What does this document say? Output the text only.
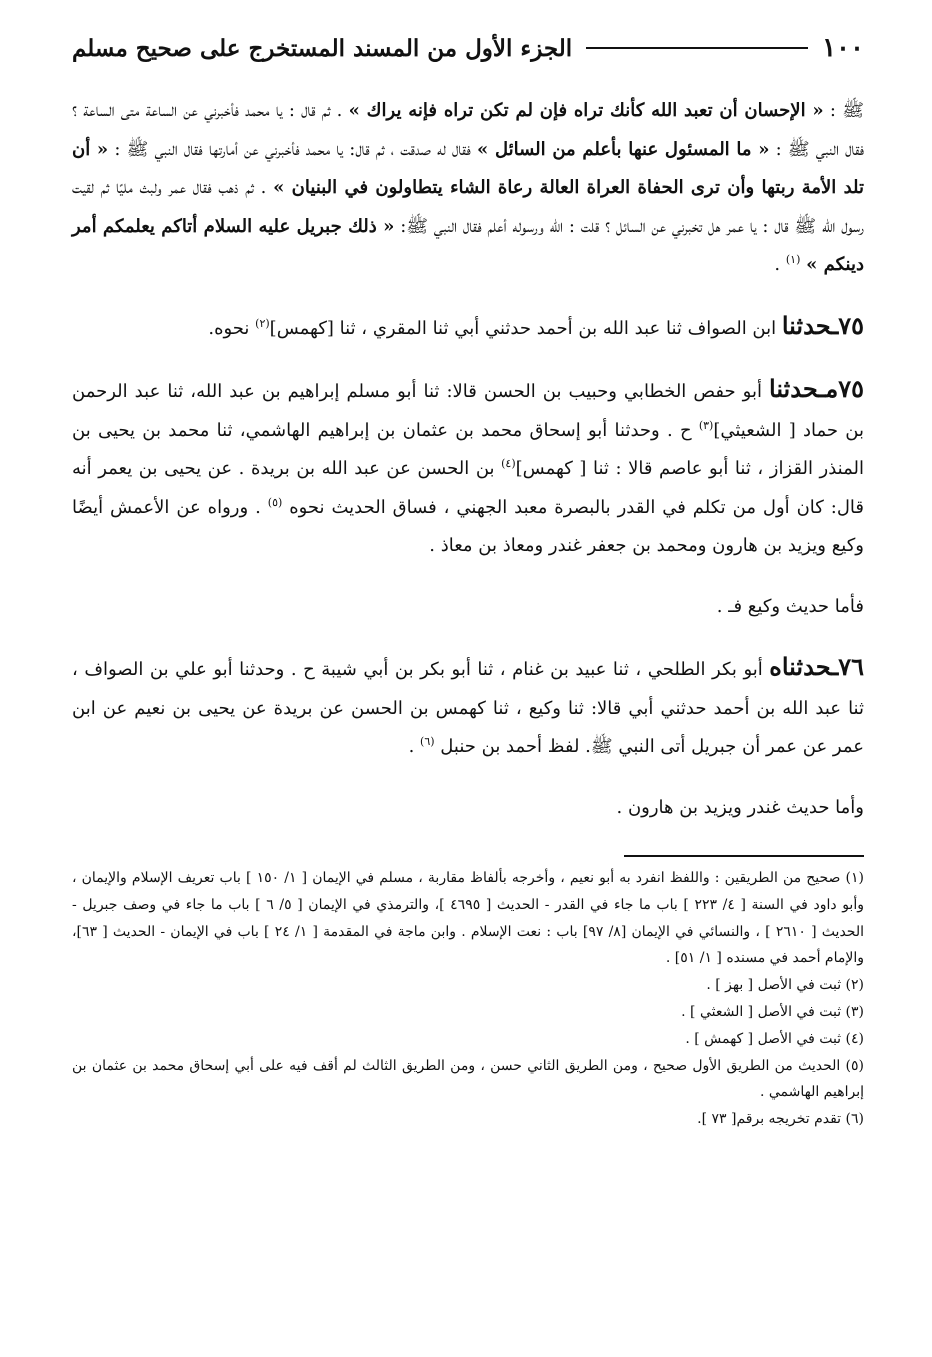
١٠٠
الجزء الأول من المسند المستخرج على صحيح مسلم

ﷺ : « الإحسان أن تعبد الله كأنك تراه فإن لم تكن تراه فإنه يراك » . ثم قال : يا محمد فأخبرني عن الساعة متى الساعة ؟ فقال النبي ﷺ : « ما المسئول عنها بأعلم من السائل » فقال له صدقت ، ثم قال: يا محمد فأخبرني عن أمارتها فقال النبي ﷺ : « أن تلد الأمة ربتها وأن ترى الحفاة العراة العالة رعاة الشاء يتطاولون في البنيان » . ثم ذهب فقال عمر ولبث مليًا ثم لقيت رسول الله ﷺ قال : يا عمر هل تخبرني عن السائل ؟ قلت : الله ورسوله أعلم فقال النبي ﷺ: « ذلك جبريل عليه السلام أتاكم يعلمكم أمر دينكم » $^{(١)}$ .

٧٥ـحدثنا ابن الصواف ثنا عبد الله بن أحمد حدثني أبي ثنا المقري ، ثنا [كهمس]$^{(٢)}$ نحوه.

٧٥مـحدثنا أبو حفص الخطابي وحبيب بن الحسن قالا: ثنا أبو مسلم إبراهيم بن عبد الله، ثنا عبد الرحمن بن حماد [ الشعيثي]$^{(٣)}$ ح . وحدثنا أبو إسحاق محمد بن عثمان بن إبراهيم الهاشمي، ثنا محمد بن يحيى بن المنذر القزاز ، ثنا أبو عاصم قالا : ثنا [ كهمس]$^{(٤)}$ بن الحسن عن عبد الله بن بريدة . عن يحيى بن يعمر أنه قال: كان أول من تكلم في القدر بالبصرة معبد الجهني ، فساق الحديث نحوه $^{(٥)}$ . ورواه عن الأعمش أيضًا وكيع ويزيد بن هارون ومحمد بن جعفر غندر ومعاذ بن معاذ .

فأما حديث وكيع فـ .

٧٦ـحدثناه أبو بكر الطلحي ، ثنا عبيد بن غنام ، ثنا أبو بكر بن أبي شيبة ح . وحدثنا أبو علي بن الصواف ، ثنا عبد الله بن أحمد حدثني أبي قالا: ثنا وكيع ، ثنا كهمس بن الحسن عن بريدة عن يحيى بن نعيم عن ابن عمر عن عمر أن جبريل أتى النبي ﷺ. لفظ أحمد بن حنبل $^{(٦)}$ .

وأما حديث غندر ويزيد بن هارون .

(١) صحيح من الطريقين : واللفظ انفرد به أبو نعيم ، وأخرجه بألفاظ مقاربة ، مسلم في الإيمان [ ١/ ١٥٠ ] باب تعريف الإسلام والإيمان ، وأبو داود في السنة [ ٤/ ٢٢٣ ] باب ما جاء في القدر - الحديث [ ٤٦٩٥ ]، والترمذي في الإيمان [ ٥/ ٦ ] باب ما جاء في وصف جبريل - الحديث [ ٢٦١٠ ] ، والنسائي في الإيمان [٨/ ٩٧] باب : نعت الإسلام . وابن ماجة في المقدمة [ ١/ ٢٤ ] باب في الإيمان - الحديث [ ٦٣]، والإمام أحمد في مسنده [ ١/ ٥١] .

(٢) ثبت في الأصل [ بهز ] .

(٣) ثبت في الأصل [ الشعثي ] .

(٤) ثبت في الأصل [ كهمش ] .

(٥) الحديث من الطريق الأول صحيح ، ومن الطريق الثاني حسن ، ومن الطريق الثالث لم أقف فيه على أبي إسحاق محمد بن عثمان بن إبراهيم الهاشمي .

(٦) تقدم تخريجه برقم[ ٧٣ ].
